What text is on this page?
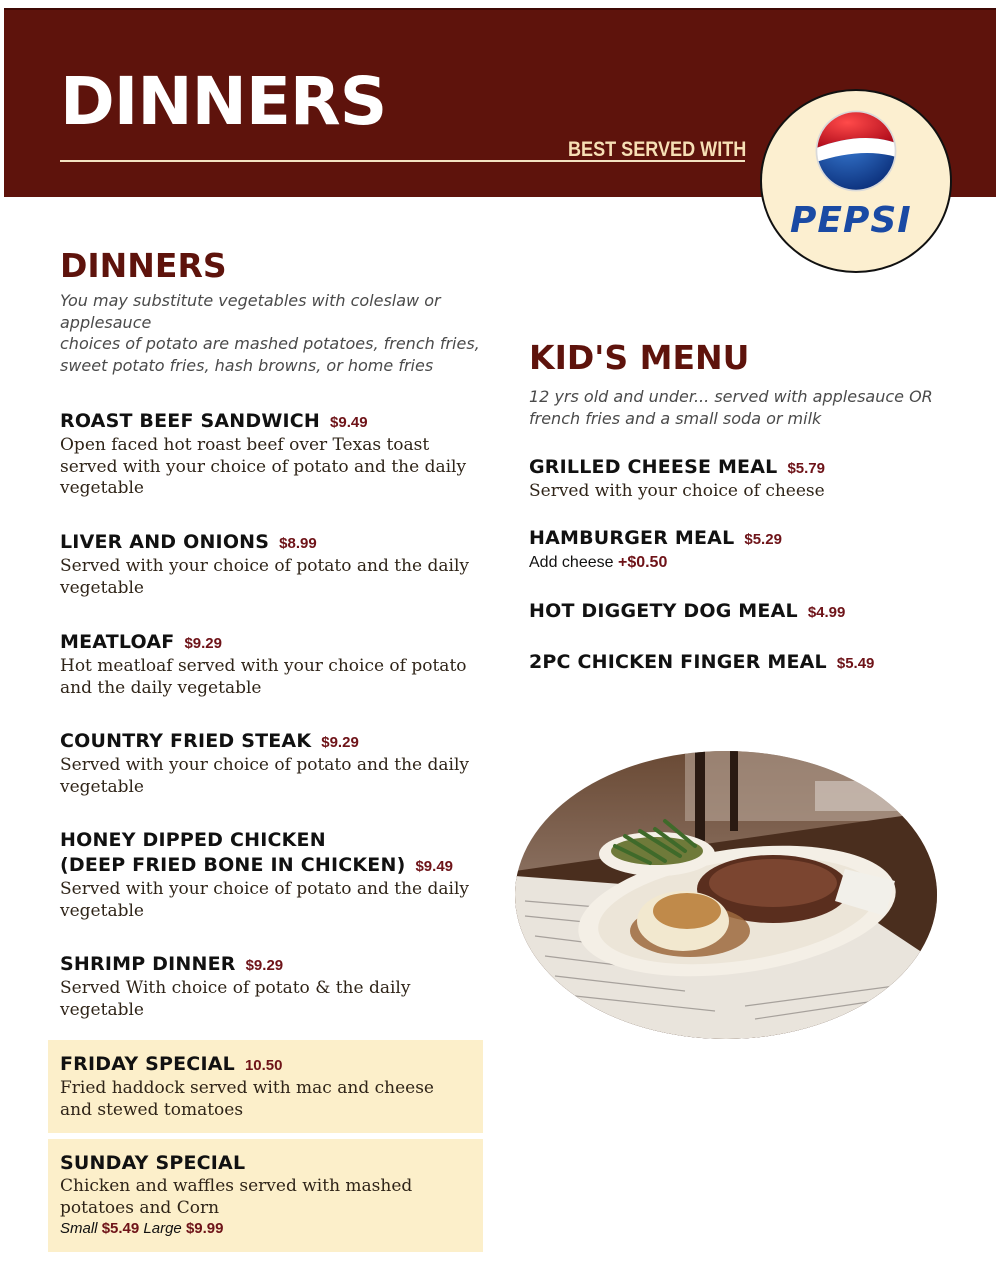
DINNERS
BEST SERVED WITH
PEPSI
DINNERS
You may substitute vegetables with coleslaw or applesauce
choices of potato are mashed potatoes, french fries, sweet potato fries, hash browns, or home fries
ROAST BEEF SANDWICH $9.49
Open faced hot roast beef over Texas toast served with your choice of potato and the daily vegetable
LIVER AND ONIONS $8.99
Served with your choice of potato and the daily vegetable
MEATLOAF $9.29
Hot meatloaf served with your choice of potato and the daily vegetable
COUNTRY FRIED STEAK $9.29
Served with your choice of potato and the daily vegetable
HONEY DIPPED CHICKEN
(DEEP FRIED BONE IN CHICKEN) $9.49
Served with your choice of potato and the daily vegetable
SHRIMP DINNER $9.29
Served With choice of potato & the daily vegetable
FRIDAY SPECIAL 10.50
Fried haddock served with mac and cheese and stewed tomatoes
SUNDAY SPECIAL
Chicken and waffles served with mashed potatoes and Corn
Small $5.49 Large $9.99
KID'S MENU
12 yrs old and under... served with applesauce OR french fries and a small soda or milk
GRILLED CHEESE MEAL $5.79
Served with your choice of cheese
HAMBURGER MEAL $5.29
Add cheese +$0.50
HOT DIGGETY DOG MEAL $4.99
2PC CHICKEN FINGER MEAL $5.49
